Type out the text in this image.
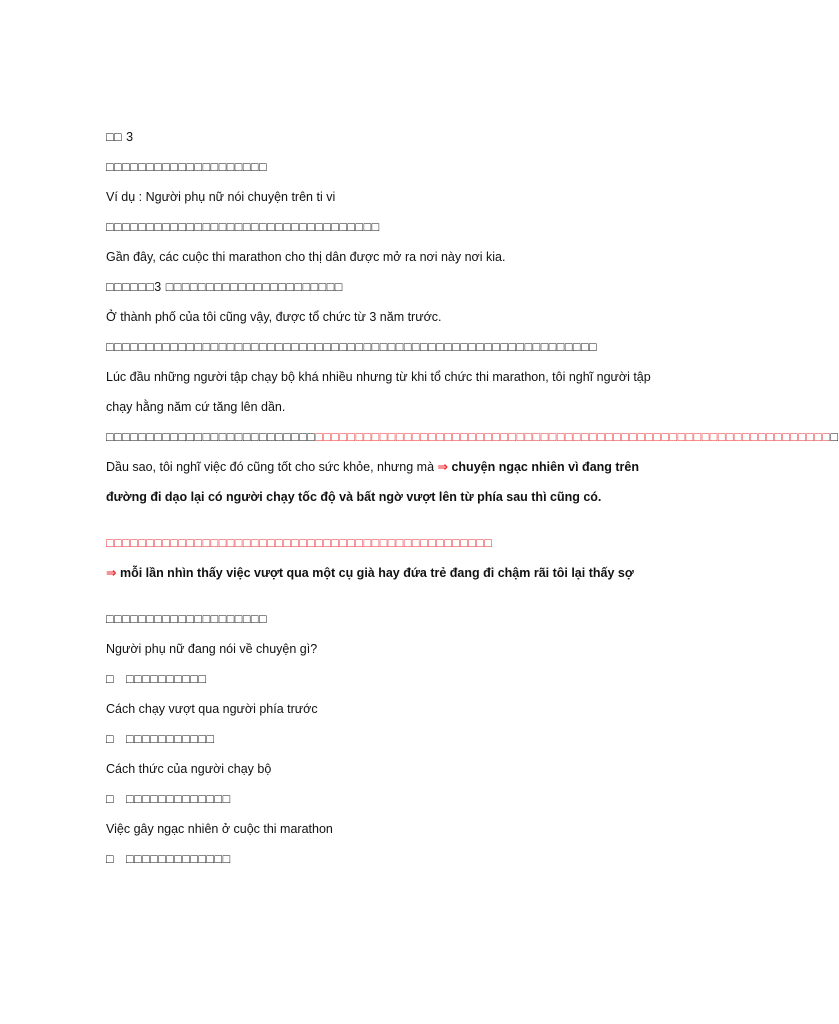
□□ 3
□□□□□□□□□□□□□□□□□□□□
Ví dụ : Người phụ nữ nói chuyện trên ti vi
□□□□□□□□□□□□□□□□□□□□□□□□□□□□□□□□□□
Gần đây, các cuộc thi marathon cho thị dân được mở ra nơi này nơi kia.
□□□□□□3 □□□□□□□□□□□□□□□□□□□□□□
Ở thành phố của tôi cũng vậy, được tổ chức từ 3 năm trước.
□□□□□□□□□□□□□□□□□□□□□□□□□□□□□□□□□□□□□□□□□□□□□□□□□□□□□□□□□□□□□
Lúc đầu những người tập chạy bộ khá nhiều nhưng từ khi tổ chức thi marathon, tôi nghĩ người tập
chạy hằng năm cứ tăng lên dần.
□□□□□□□□□□□□□□□□□□□□□□□□□□□□□□□□□□□□□□□□□□□□□□□□□□□□□□□□□□□□□□□□□□□□□□□□□□□□□□□□□□□□□□□□□□□
Dầu sao, tôi nghĩ việc đó cũng tốt cho sức khỏe, nhưng mà ⇒ chuyện ngạc nhiên vì đang trên đường đi dạo lại có người chạy tốc độ và bất ngờ vượt lên từ phía sau thì cũng có.
□□□□□□□□□□□□□□□□□□□□□□□□□□□□□□□□□□□□□□□□□□□□□□□□
⇒ mỗi lần nhìn thấy việc vượt qua một cụ già hay đứa trẻ đang đi chậm rãi tôi lại thấy sợ
□□□□□□□□□□□□□□□□□□□□
Người phụ nữ đang nói về chuyện gì?
□ □□□□□□□□□□
Cách chạy vượt qua người phía trước
□ □□□□□□□□□□□
Cách thức của người chạy bộ
□ □□□□□□□□□□□□□
Việc gây ngạc nhiên ở cuộc thi marathon
□ □□□□□□□□□□□□□
